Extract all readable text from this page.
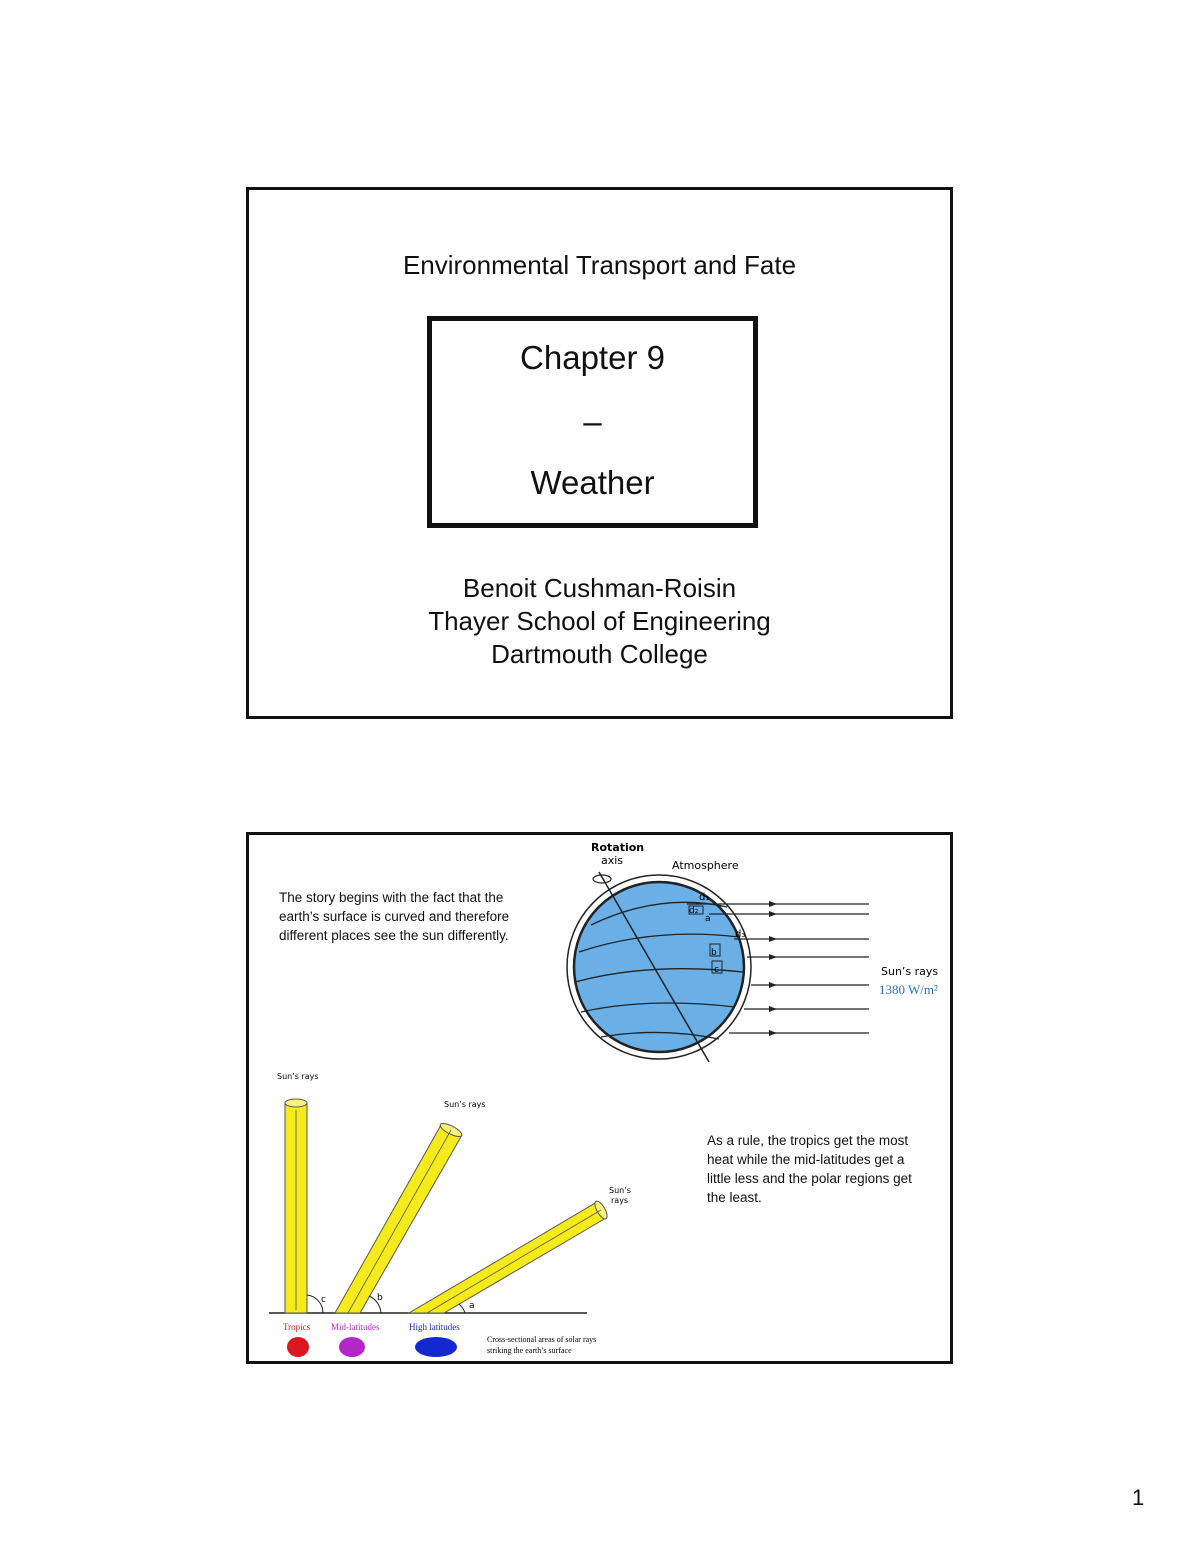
Environmental Transport and Fate
Chapter 9
–
Weather
Benoit Cushman-Roisin
Thayer School of Engineering
Dartmouth College
The story begins with the fact that the earth’s surface is curved and therefore different places see the sun differently.
As a rule, the tropics get the most heat while the mid-latitudes get a little less and the polar regions get the least.
Rotation
axis	Atmosphere
d₁
d₂
d₃
a
b
c	Sun’s rays
1380 W/m²
c	b
a
Sun’s rays
Sun’s rays
Sun’s
rays
Tropics Mid-latitudes	High latitudes
Cross-sectional areas of solar rays
striking the earth’s surface
1
